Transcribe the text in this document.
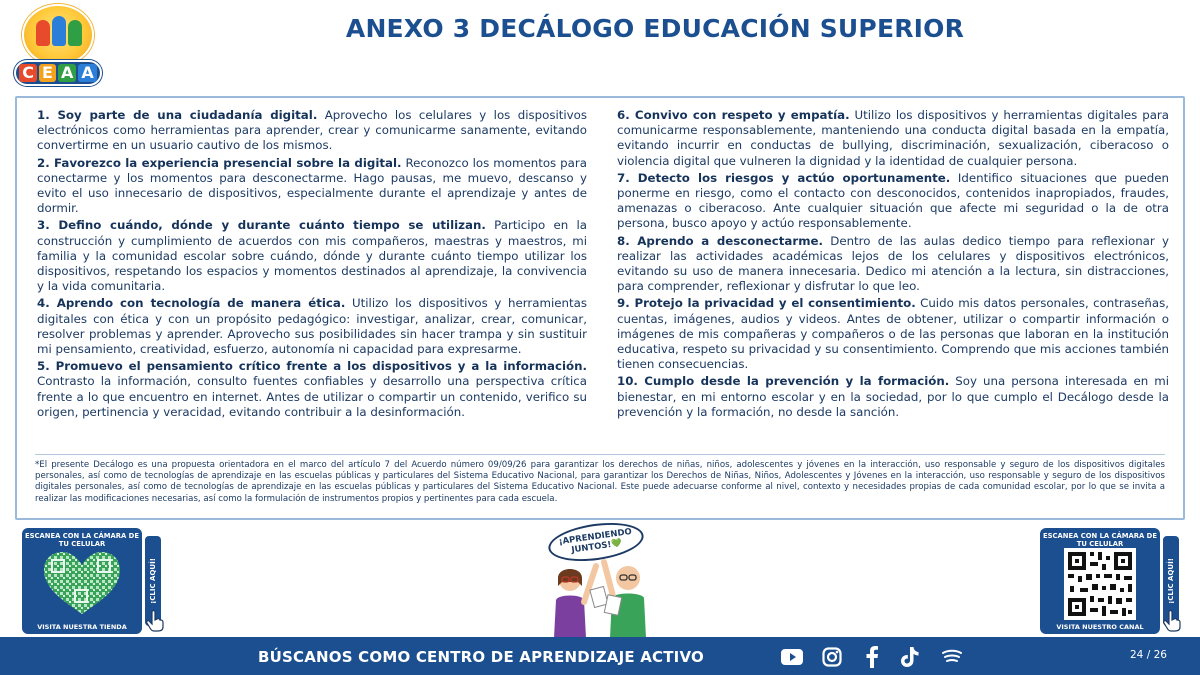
C E A A
ANEXO 3 DECÁLOGO EDUCACIÓN SUPERIOR

1. Soy parte de una ciudadanía digital. Aprovecho los celulares y los dispositivos electrónicos como herramientas para aprender, crear y comunicarme sanamente, evitando convertirme en un usuario cautivo de los mismos.

2. Favorezco la experiencia presencial sobre la digital. Reconozco los momentos para conectarme y los momentos para desconectarme. Hago pausas, me muevo, descanso y evito el uso innecesario de dispositivos, especialmente durante el aprendizaje y antes de dormir.

3. Defino cuándo, dónde y durante cuánto tiempo se utilizan. Participo en la construcción y cumplimiento de acuerdos con mis compañeros, maestras y maestros, mi familia y la comunidad escolar sobre cuándo, dónde y durante cuánto tiempo utilizar los dispositivos, respetando los espacios y momentos destinados al aprendizaje, la convivencia y la vida comunitaria.

4. Aprendo con tecnología de manera ética. Utilizo los dispositivos y herramientas digitales con ética y con un propósito pedagógico: investigar, analizar, crear, comunicar, resolver problemas y aprender. Aprovecho sus posibilidades sin hacer trampa y sin sustituir mi pensamiento, creatividad, esfuerzo, autonomía ni capacidad para expresarme.

5. Promuevo el pensamiento crítico frente a los dispositivos y a la información. Contrasto la información, consulto fuentes confiables y desarrollo una perspectiva crítica frente a lo que encuentro en internet. Antes de utilizar o compartir un contenido, verifico su origen, pertinencia y veracidad, evitando contribuir a la desinformación.

6. Convivo con respeto y empatía. Utilizo los dispositivos y herramientas digitales para comunicarme responsablemente, manteniendo una conducta digital basada en la empatía, evitando incurrir en conductas de bullying, discriminación, sexualización, ciberacoso o violencia digital que vulneren la dignidad y la identidad de cualquier persona.

7. Detecto los riesgos y actúo oportunamente. Identifico situaciones que pueden ponerme en riesgo, como el contacto con desconocidos, contenidos inapropiados, fraudes, amenazas o ciberacoso. Ante cualquier situación que afecte mi seguridad o la de otra persona, busco apoyo y actúo responsablemente.

8. Aprendo a desconectarme. Dentro de las aulas dedico tiempo para reflexionar y realizar las actividades académicas lejos de los celulares y dispositivos electrónicos, evitando su uso de manera innecesaria. Dedico mi atención a la lectura, sin distracciones, para comprender, reflexionar y disfrutar lo que leo.

9. Protejo la privacidad y el consentimiento. Cuido mis datos personales, contraseñas, cuentas, imágenes, audios y videos. Antes de obtener, utilizar o compartir información o imágenes de mis compañeras y compañeros o de las personas que laboran en la institución educativa, respeto su privacidad y su consentimiento. Comprendo que mis acciones también tienen consecuencias.

10. Cumplo desde la prevención y la formación. Soy una persona interesada en mi bienestar, en mi entorno escolar y en la sociedad, por lo que cumplo el Decálogo desde la prevención y la formación, no desde la sanción.

*El presente Decálogo es una propuesta orientadora en el marco del artículo 7 del Acuerdo número 09/09/26 para garantizar los derechos de niñas, niños, adolescentes y jóvenes en la interacción, uso responsable y seguro de los dispositivos digitales personales, así como de tecnologías de aprendizaje en las escuelas públicas y particulares del Sistema Educativo Nacional, para garantizar los Derechos de Niñas, Niños, Adolescentes y Jóvenes en la interacción, uso responsable y seguro de los dispositivos digitales personales, así como de tecnologías de aprendizaje en las escuelas públicas y particulares del Sistema Educativo Nacional. Este puede adecuarse conforme al nivel, contexto y necesidades propias de cada comunidad escolar, por lo que se invita a realizar las modificaciones necesarias, así como la formulación de instrumentos propios y pertinentes para cada escuela.

ESCANEA CON LA CÁMARA DE TU CELULAR
VISITA NUESTRA TIENDA
¡CLIC AQUÍ!
¡APRENDIENDO JUNTOS!💚
ESCANEA CON LA CÁMARA DE TU CELULAR
VISITA NUESTRO CANAL
¡CLIC AQUÍ!
BÚSCANOS COMO CENTRO DE APRENDIZAJE ACTIVO	24 / 26
